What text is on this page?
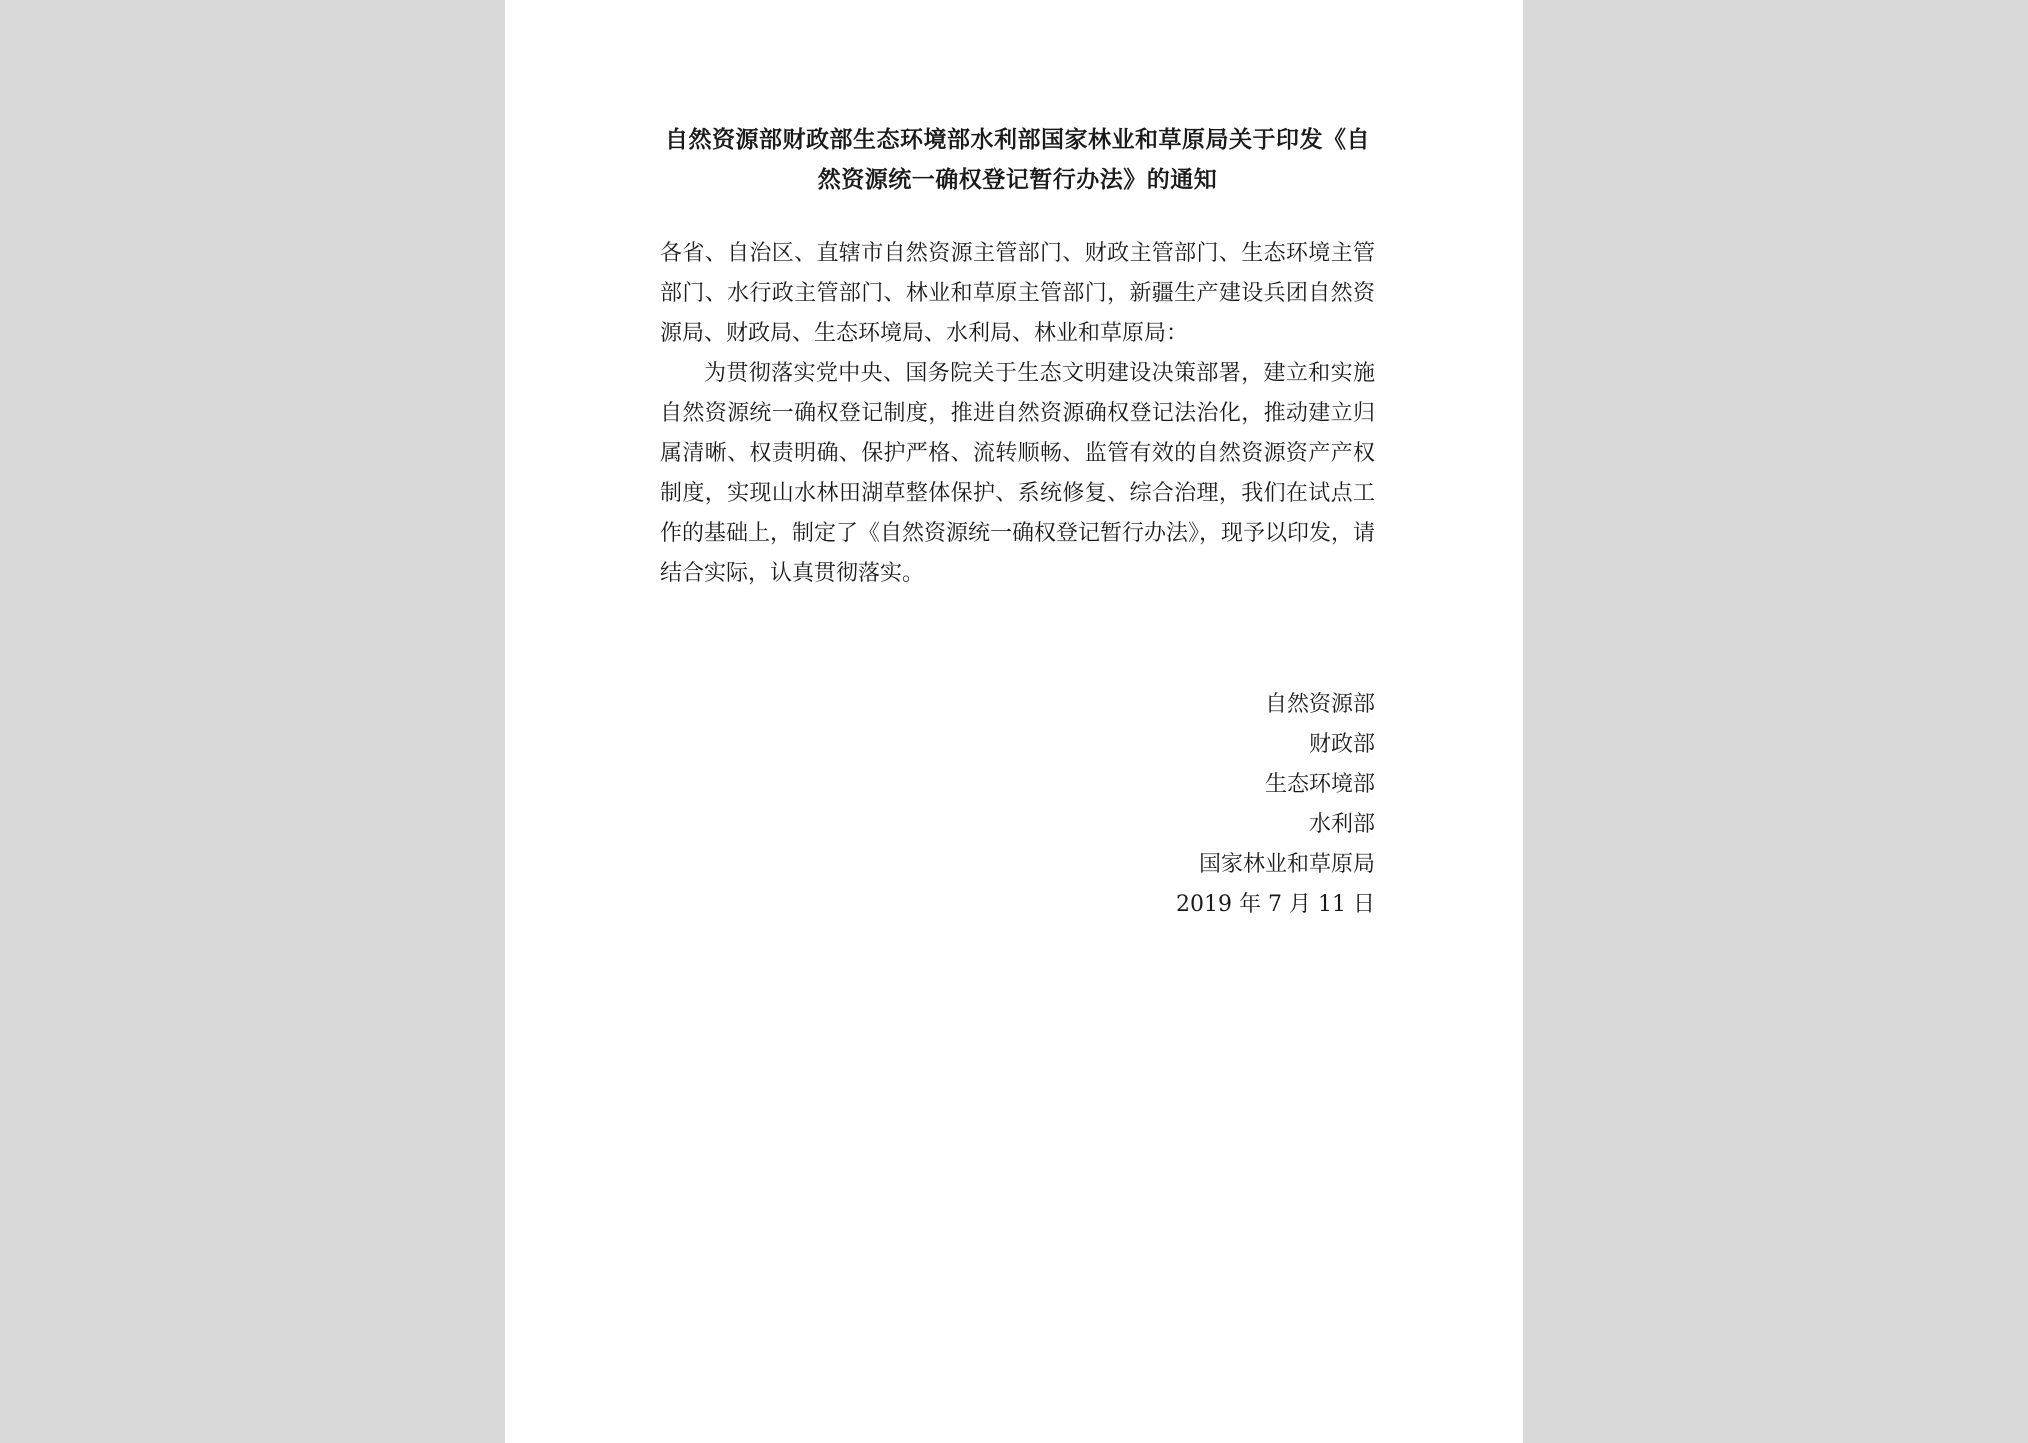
自然资源部财政部生态环境部水利部国家林业和草原局关于印发《自然资源统一确权登记暂行办法》的通知

各省、自治区、直辖市自然资源主管部门、财政主管部门、生态环境主管部门、水行政主管部门、林业和草原主管部门，新疆生产建设兵团自然资源局、财政局、生态环境局、水利局、林业和草原局：

为贯彻落实党中央、国务院关于生态文明建设决策部署，建立和实施自然资源统一确权登记制度，推进自然资源确权登记法治化，推动建立归属清晰、权责明确、保护严格、流转顺畅、监管有效的自然资源资产产权制度，实现山水林田湖草整体保护、系统修复、综合治理，我们在试点工作的基础上，制定了《自然资源统一确权登记暂行办法》，现予以印发，请结合实际，认真贯彻落实。

自然资源部
财政部
生态环境部
水利部
国家林业和草原局
2019 年 7 月 11 日
